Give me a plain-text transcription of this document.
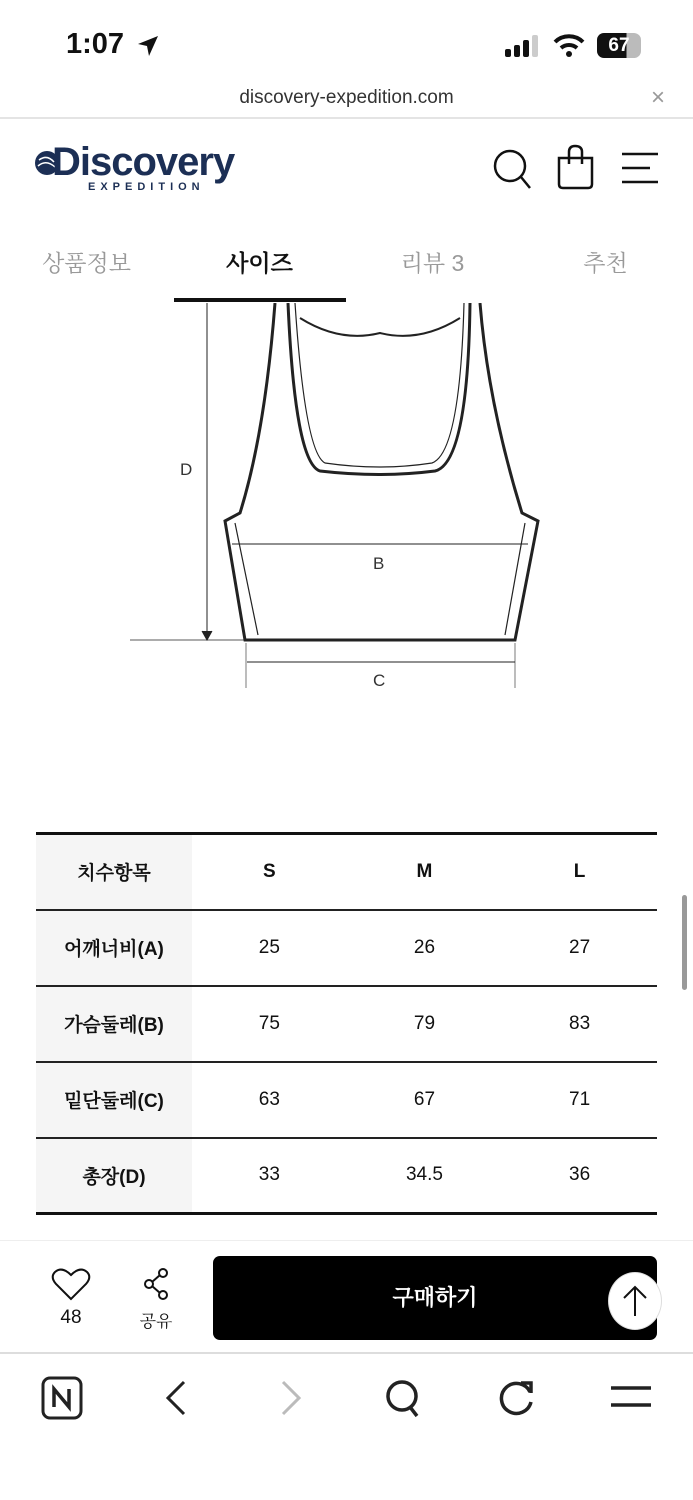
1:07	67
discovery-expedition.com	×
Discovery
EXPEDITION
상품정보	사이즈	리뷰 3	추천
D
B
C
치수항목	S	M	L
어깨너비(A)	25	26	27
가슴둘레(B)	75	79	83
밑단둘레(C)	63	67	71
총장(D)	33	34.5	36
48	공유
구매하기
